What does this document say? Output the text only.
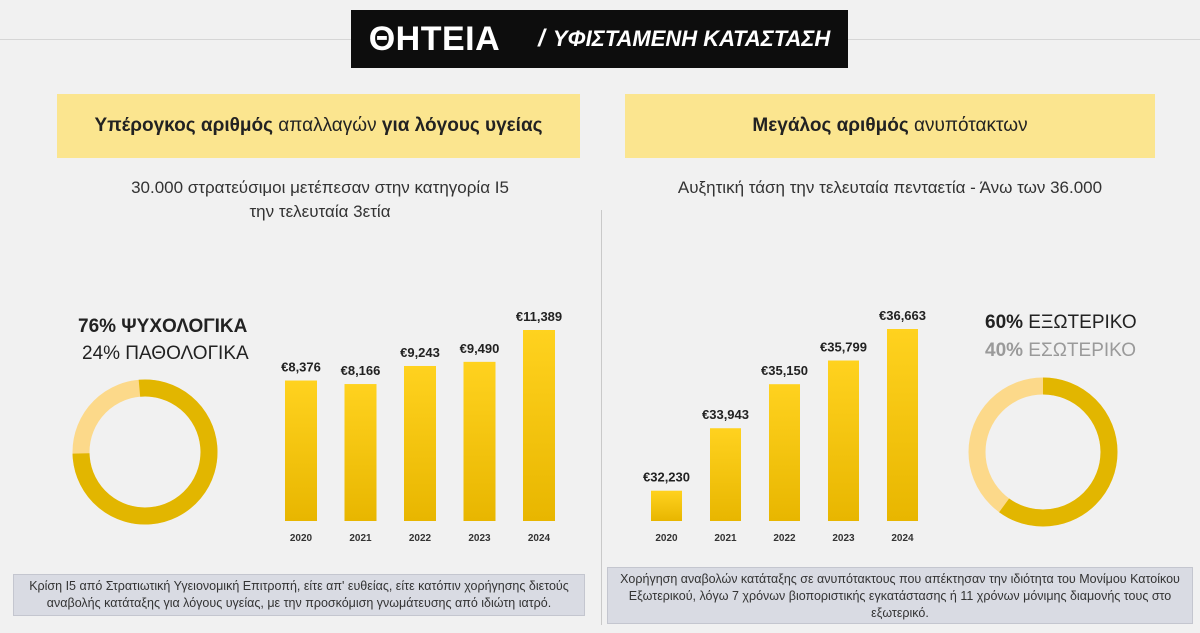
ΘΗΤΕΙΑ / ΥΦΙΣΤΑΜΕΝΗ ΚΑΤΑΣΤΑΣΗ
Υπέρογκος αριθμός απαλλαγών για λόγους υγείας	Μεγάλος αριθμός ανυπότακτων
30.000 στρατεύσιμοι μετέπεσαν στην κατηγορία Ι5
την τελευταία 3ετία
Αυξητική τάση την τελευταία πενταετία - Άνω των 36.000
76% ΨΥΧΟΛΟΓΙΚΑ
24% ΠΑΘΟΛΟΓΙΚΑ
60% ΕΞΩΤΕΡΙΚΟ
40% ΕΣΩΤΕΡΙΚΟ
€8,376
2020
€8,166
2021
€9,243
2022
€9,490
2023
€11,389
2024
€32,230
2020
€33,943
2021
€35,150
2022
€35,799
2023
€36,663
2024
Κρίση Ι5 από Στρατιωτική Υγειονομική Επιτροπή, είτε απ' ευθείας, είτε κατόπιν χορήγησης διετούς αναβολής κατάταξης για λόγους υγείας, με την προσκόμιση γνωμάτευσης από ιδιώτη ιατρό.
Χορήγηση αναβολών κατάταξης σε ανυπότακτους που απέκτησαν την ιδιότητα του Μονίμου Κατοίκου Εξωτερικού, λόγω 7 χρόνων βιοποριστικής εγκατάστασης ή 11 χρόνων μόνιμης διαμονής τους στο εξωτερικό.
